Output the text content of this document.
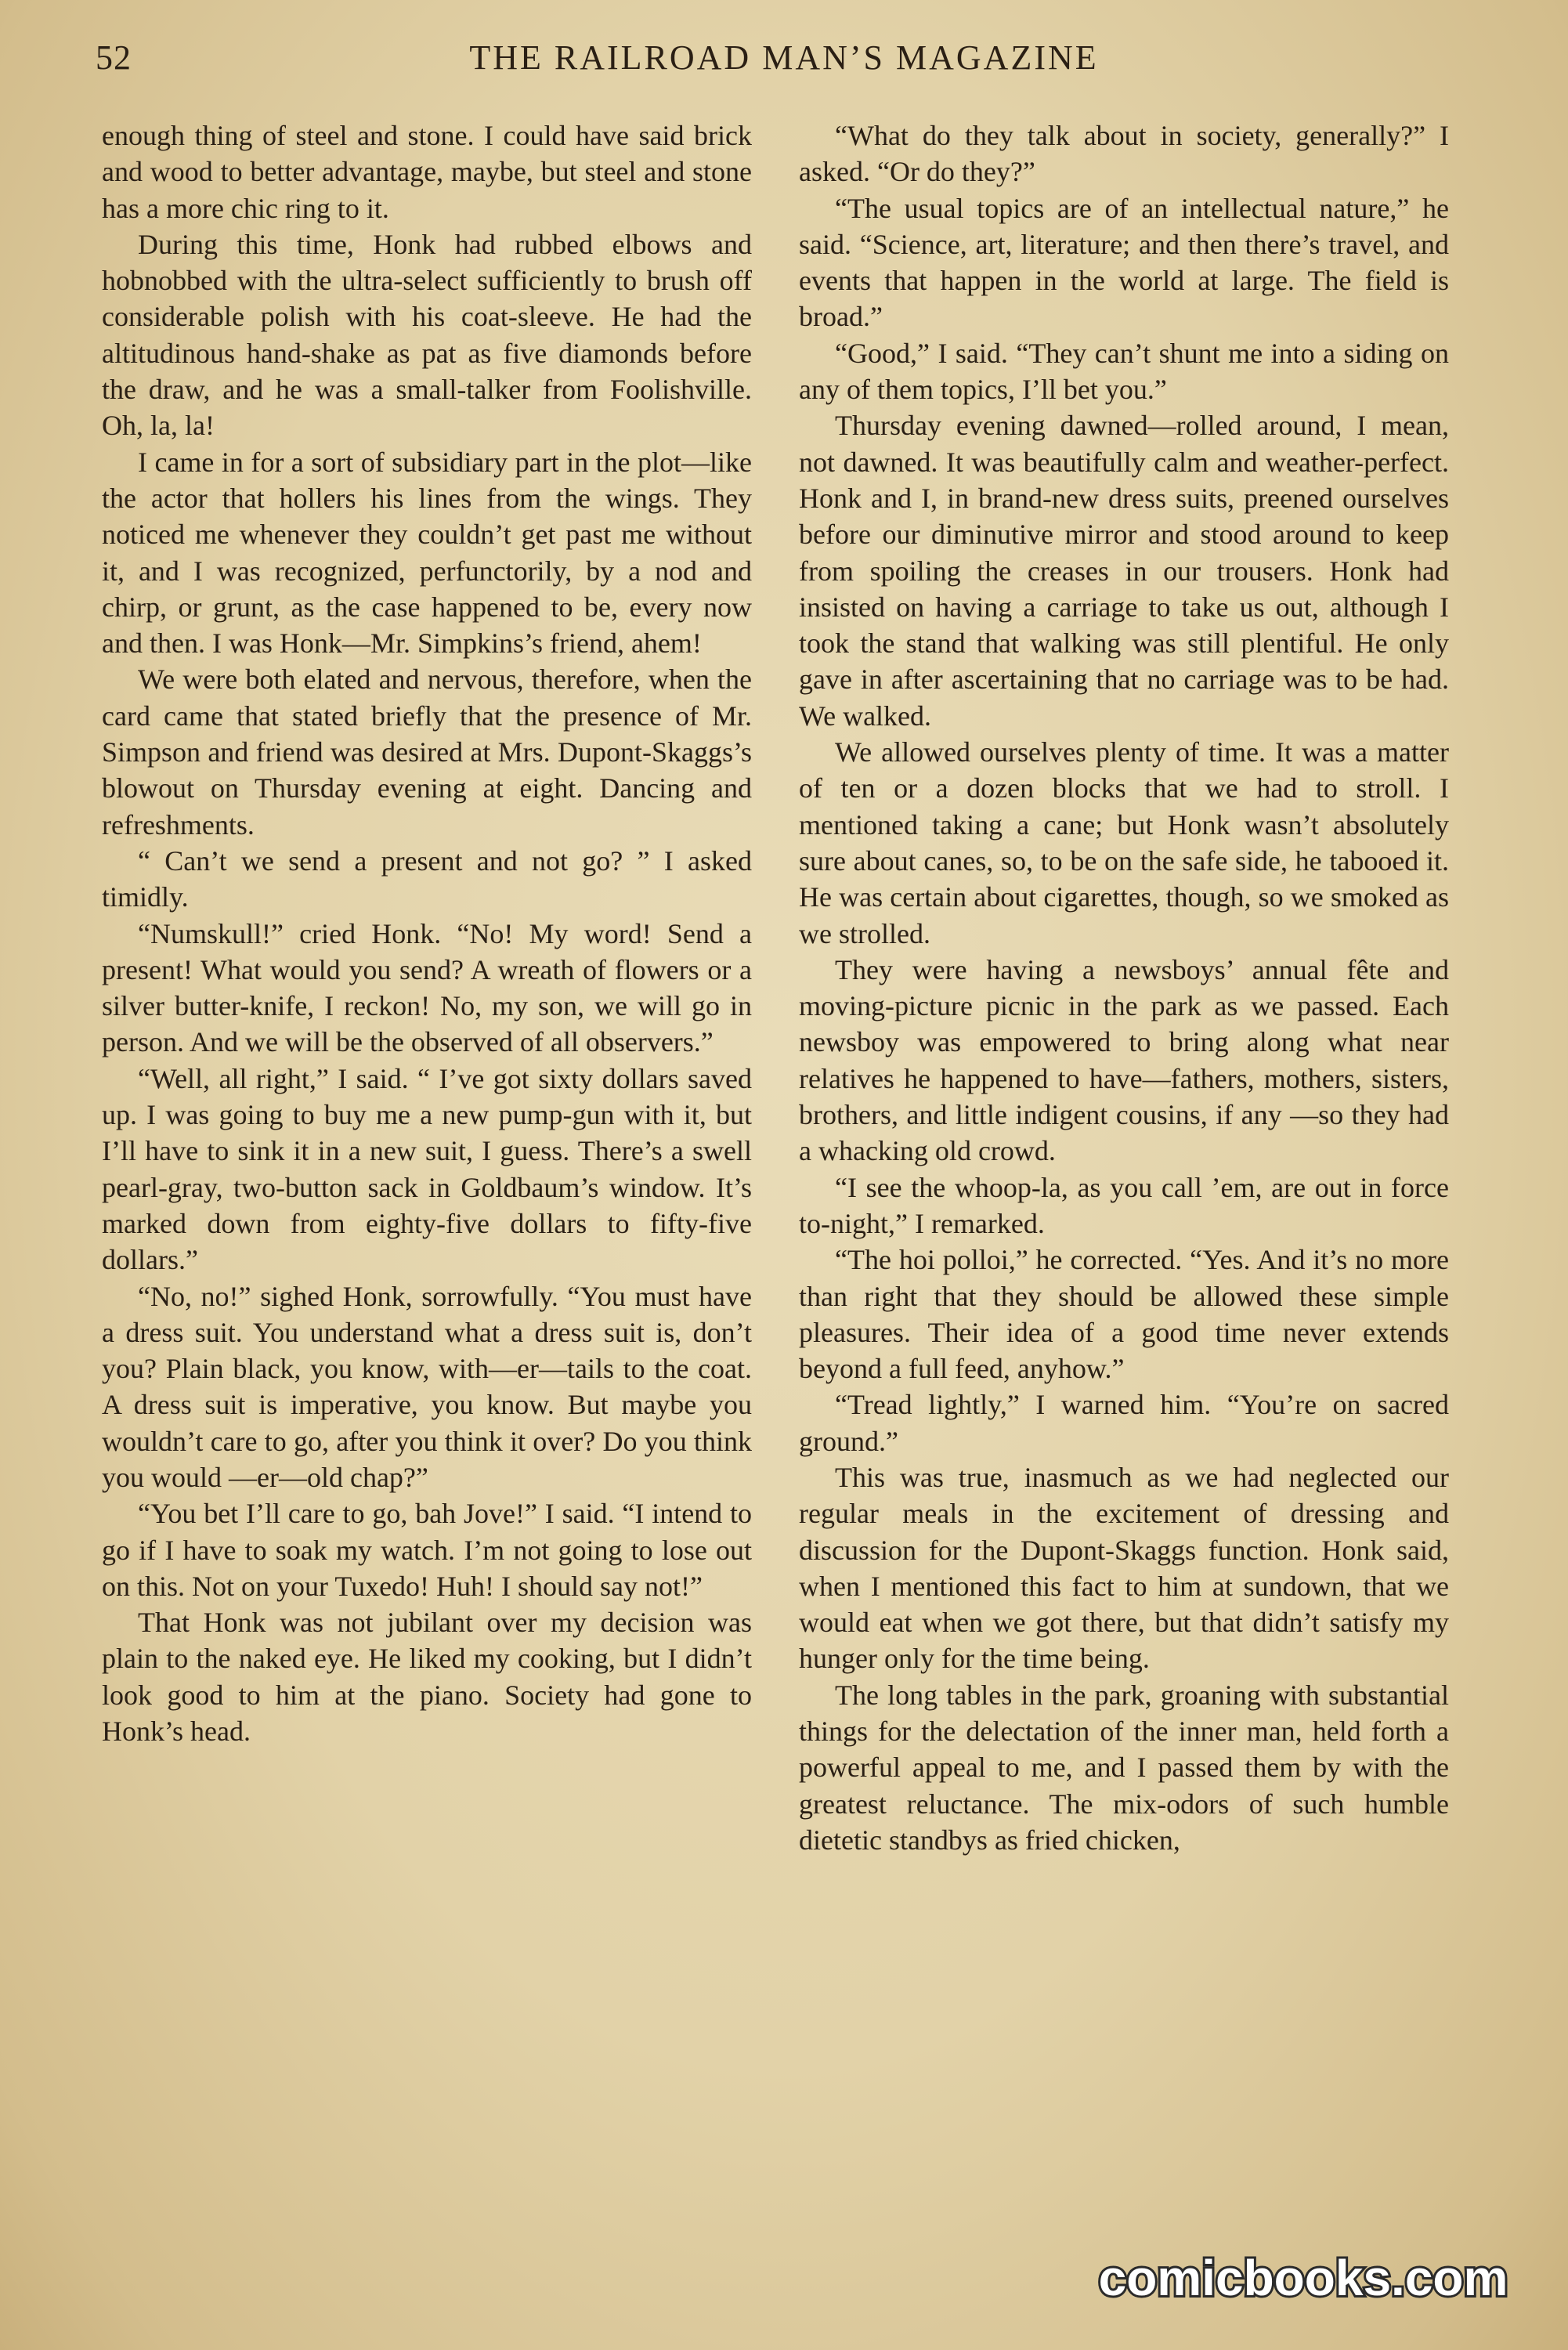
52	THE RAILROAD MAN’S MAGAZINE

enough thing of steel and stone. I could have said brick and wood to better advantage, maybe, but steel and stone has a more chic ring to it.

During this time, Honk had rubbed elbows and hobnobbed with the ultra-select sufficiently to brush off considerable polish with his coat-sleeve. He had the altitudinous hand-shake as pat as five diamonds before the draw, and he was a small-talker from Foolishville. Oh, la, la!

I came in for a sort of subsidiary part in the plot—like the actor that hollers his lines from the wings. They noticed me whenever they couldn’t get past me without it, and I was recognized, perfunctorily, by a nod and chirp, or grunt, as the case happened to be, every now and then. I was Honk—Mr. Simpkins’s friend, ahem!

We were both elated and nervous, therefore, when the card came that stated briefly that the presence of Mr. Simpson and friend was desired at Mrs. Dupont-Skaggs’s blowout on Thursday evening at eight. Dancing and refreshments.

“ Can’t we send a present and not go? ” I asked timidly.

“Numskull!” cried Honk. “No! My word! Send a present! What would you send? A wreath of flowers or a silver butter-knife, I reckon! No, my son, we will go in person. And we will be the observed of all observers.”

“Well, all right,” I said. “ I’ve got sixty dollars saved up. I was going to buy me a new pump-gun with it, but I’ll have to sink it in a new suit, I guess. There’s a swell pearl-gray, two-button sack in Goldbaum’s window. It’s marked down from eighty-five dollars to fifty-five dollars.”

“No, no!” sighed Honk, sorrowfully. “You must have a dress suit. You understand what a dress suit is, don’t you? Plain black, you know, with—er—tails to the coat. A dress suit is imperative, you know. But maybe you wouldn’t care to go, after you think it over? Do you think you would —er—old chap?”

“You bet I’ll care to go, bah Jove!” I said. “I intend to go if I have to soak my watch. I’m not going to lose out on this. Not on your Tuxedo! Huh! I should say not!”

That Honk was not jubilant over my decision was plain to the naked eye. He liked my cooking, but I didn’t look good to him at the piano. Society had gone to Honk’s head.

“What do they talk about in society, generally?” I asked. “Or do they?”

“The usual topics are of an intellectual nature,” he said. “Science, art, literature; and then there’s travel, and events that happen in the world at large. The field is broad.”

“Good,” I said. “They can’t shunt me into a siding on any of them topics, I’ll bet you.”

Thursday evening dawned—rolled around, I mean, not dawned. It was beautifully calm and weather-perfect. Honk and I, in brand-new dress suits, preened ourselves before our diminutive mirror and stood around to keep from spoiling the creases in our trousers. Honk had insisted on having a carriage to take us out, although I took the stand that walking was still plentiful. He only gave in after ascertaining that no carriage was to be had. We walked.

We allowed ourselves plenty of time. It was a matter of ten or a dozen blocks that we had to stroll. I mentioned taking a cane; but Honk wasn’t absolutely sure about canes, so, to be on the safe side, he tabooed it. He was certain about cigarettes, though, so we smoked as we strolled.

They were having a newsboys’ annual fête and moving-picture picnic in the park as we passed. Each newsboy was empowered to bring along what near relatives he happened to have—fathers, mothers, sisters, brothers, and little indigent cousins, if any —so they had a whacking old crowd.

“I see the whoop-la, as you call ’em, are out in force to-night,” I remarked.

“The hoi polloi,” he corrected. “Yes. And it’s no more than right that they should be allowed these simple pleasures. Their idea of a good time never extends beyond a full feed, anyhow.”

“Tread lightly,” I warned him. “You’re on sacred ground.”

This was true, inasmuch as we had neglected our regular meals in the excitement of dressing and discussion for the Dupont-Skaggs function. Honk said, when I mentioned this fact to him at sundown, that we would eat when we got there, but that didn’t satisfy my hunger only for the time being.

The long tables in the park, groaning with substantial things for the delectation of the inner man, held forth a powerful appeal to me, and I passed them by with the greatest reluctance. The mix-odors of such humble dietetic standbys as fried chicken,

comicbooks.com
